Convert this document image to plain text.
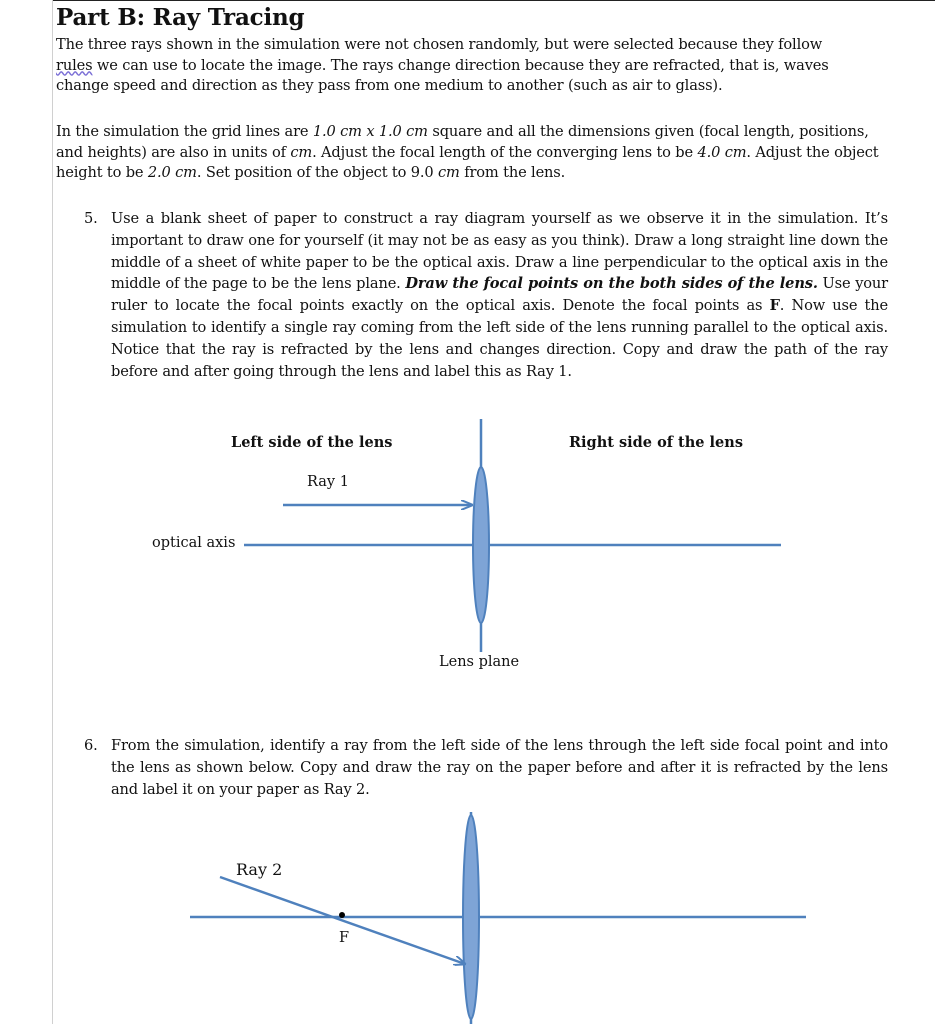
Part B: Ray Tracing

The three rays shown in the simulation were not chosen randomly, but were selected because they follow
rules we can use to locate the image. The rays change direction because they are refracted, that is, waves
change speed and direction as they pass from one medium to another (such as air to glass).

In the simulation the grid lines are 1.0 cm x 1.0 cm square and all the dimensions given (focal length, positions, and heights) are also in units of cm. Adjust the focal length of the converging lens to be 4.0 cm. Adjust the object height to be 2.0 cm. Set position of the object to 9.0 cm from the lens.

5. Use a blank sheet of paper to construct a ray diagram yourself as we observe it in the simulation. It’s important to draw one for yourself (it may not be as easy as you think). Draw a long straight line down the middle of a sheet of white paper to be the optical axis. Draw a line perpendicular to the optical axis in the middle of the page to be the lens plane. Draw the focal points on the both sides of the lens. Use your ruler to locate the focal points exactly on the optical axis. Denote the focal points as F. Now use the simulation to identify a single ray coming from the left side of the lens running parallel to the optical axis. Notice that the ray is refracted by the lens and changes direction. Copy and draw the path of the ray before and after going through the lens and label this as Ray 1.
Left side of the lens	Right side of the lens
Ray 1
optical axis
Lens plane
6. From the simulation, identify a ray from the left side of the lens through the left side focal point and into the lens as shown below. Copy and draw the ray on the paper before and after it is refracted by the lens and label it on your paper as Ray 2.
Ray 2
F
